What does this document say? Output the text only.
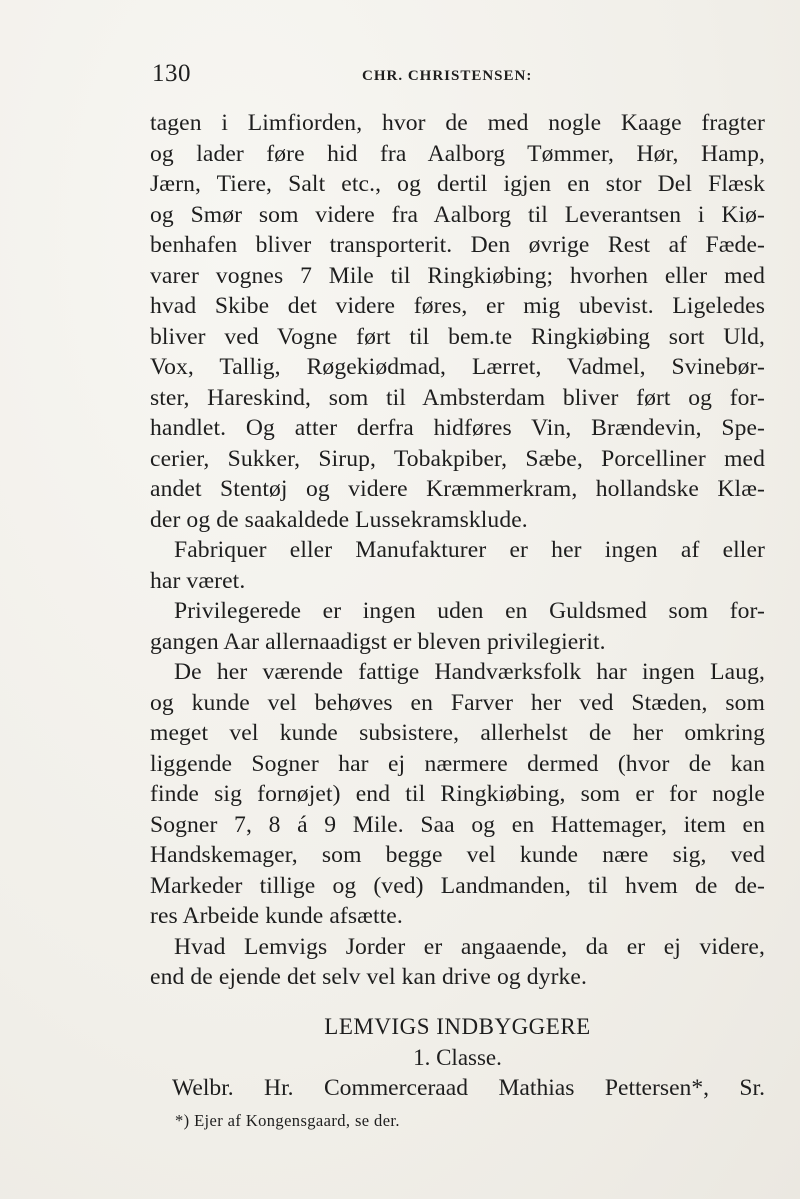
130	CHR. CHRISTENSEN:
tagen i Limfiorden, hvor de med nogle Kaage fragter
og lader føre hid fra Aalborg Tømmer, Hør, Hamp,
Jærn, Tiere, Salt etc., og dertil igjen en stor Del Flæsk
og Smør som videre fra Aalborg til Leverantsen i Kiø-
benhafen bliver transporterit. Den øvrige Rest af Fæde-
varer vognes 7 Mile til Ringkiøbing; hvorhen eller med
hvad Skibe det videre føres, er mig ubevist. Ligeledes
bliver ved Vogne ført til bem.te Ringkiøbing sort Uld,
Vox, Tallig, Røgekiødmad, Lærret, Vadmel, Svinebør-
ster, Hareskind, som til Ambsterdam bliver ført og for-
handlet. Og atter derfra hidføres Vin, Brændevin, Spe-
cerier, Sukker, Sirup, Tobakpiber, Sæbe, Porcelliner med
andet Stentøj og videre Kræmmerkram, hollandske Klæ-
der og de saakaldede Lussekramsklude.
Fabriquer eller Manufakturer er her ingen af eller
har været.
Privilegerede er ingen uden en Guldsmed som for-
gangen Aar allernaadigst er bleven privilegierit.
De her værende fattige Handværksfolk har ingen Laug,
og kunde vel behøves en Farver her ved Stæden, som
meget vel kunde subsistere, allerhelst de her omkring
liggende Sogner har ej nærmere dermed (hvor de kan
finde sig fornøjet) end til Ringkiøbing, som er for nogle
Sogner 7, 8 á 9 Mile. Saa og en Hattemager, item en
Handskemager, som begge vel kunde nære sig, ved
Markeder tillige og (ved) Landmanden, til hvem de de-
res Arbeide kunde afsætte.
Hvad Lemvigs Jorder er angaaende, da er ej videre,
end de ejende det selv vel kan drive og dyrke.
LEMVIGS INDBYGGERE
1. Classe.
Welbr. Hr. Commerceraad Mathias Pettersen*, Sr.
*) Ejer af Kongensgaard, se der.
